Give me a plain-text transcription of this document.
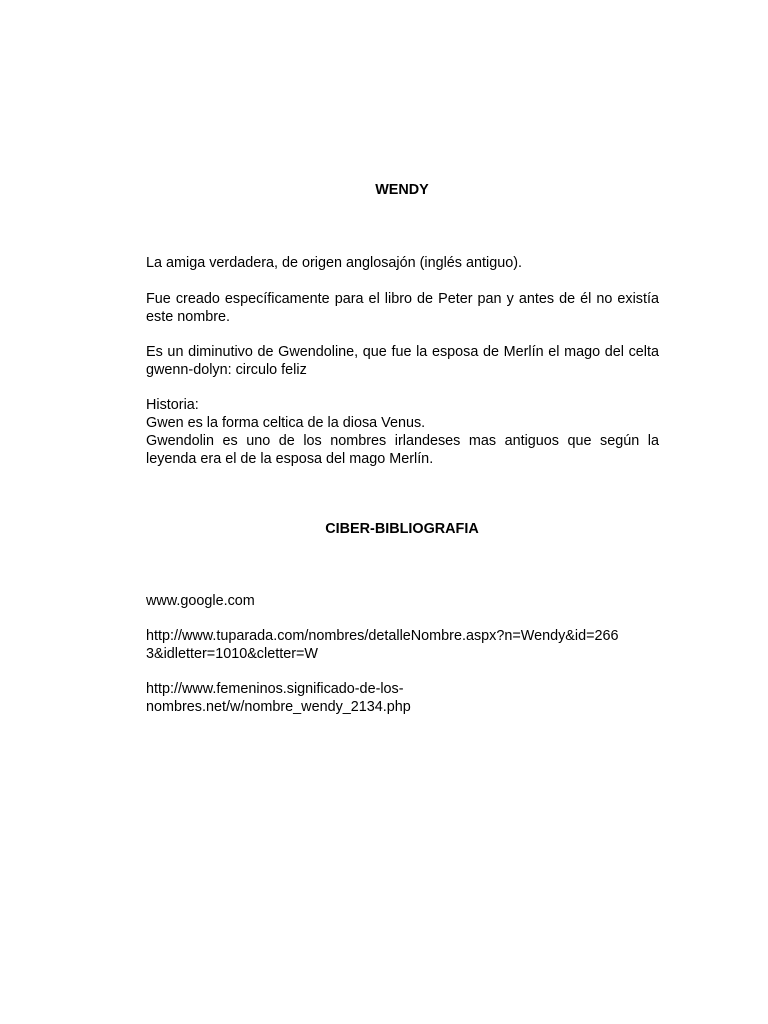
WENDY

La amiga verdadera, de origen anglosajón (inglés antiguo).

Fue creado específicamente para el libro de Peter pan y antes de él no existía este nombre.

Es un diminutivo de Gwendoline, que fue la esposa de Merlín el mago del celta gwenn-dolyn: circulo feliz

Historia:
Gwen es la forma celtica de la diosa Venus.
Gwendolin es uno de los nombres irlandeses mas antiguos que según la leyenda era el de la esposa del mago Merlín.
CIBER-BIBLIOGRAFIA
www.google.com
http://www.tuparada.com/nombres/detalleNombre.aspx?n=Wendy&id=266
3&idletter=1010&cletter=W
http://www.femeninos.significado-de-los-
nombres.net/w/nombre_wendy_2134.php
